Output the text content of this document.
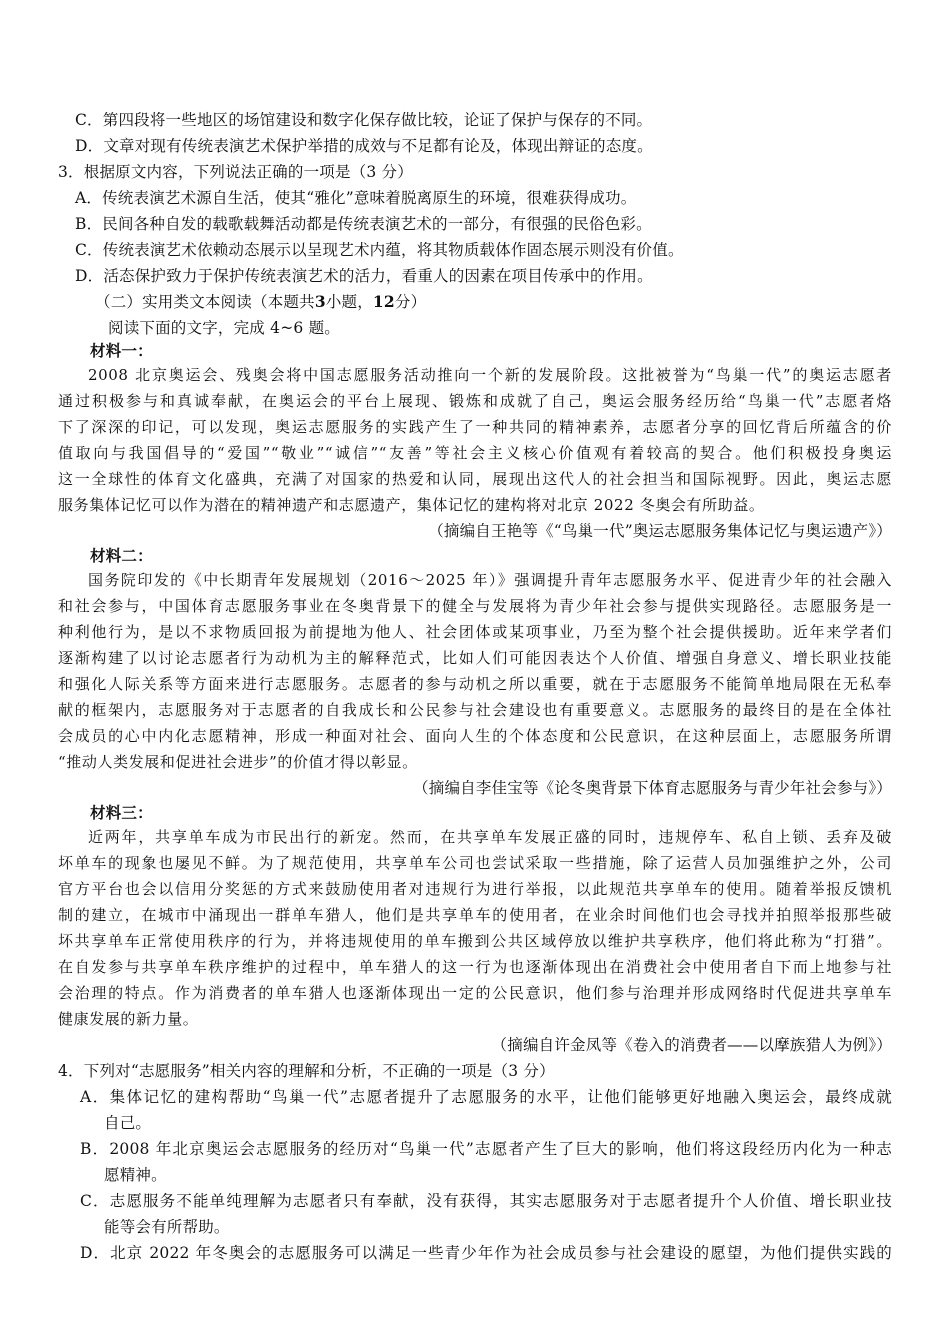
C．第四段将一些地区的场馆建设和数字化保存做比较，论证了保护与保存的不同。
D．文章对现有传统表演艺术保护举措的成效与不足都有论及，体现出辩证的态度。
3．根据原文内容，下列说法正确的一项是（3 分）
A．传统表演艺术源自生活，使其“雅化”意味着脱离原生的环境，很难获得成功。
B．民间各种自发的载歌载舞活动都是传统表演艺术的一部分，有很强的民俗色彩。
C．传统表演艺术依赖动态展示以呈现艺术内蕴，将其物质载体作固态展示则没有价值。
D．活态保护致力于保护传统表演艺术的活力，看重人的因素在项目传承中的作用。
（二）实用类文本阅读（本题共3小题，12分）
阅读下面的文字，完成 4~6 题。
材料一：
2008 北京奥运会、残奥会将中国志愿服务活动推向一个新的发展阶段。这批被誉为“鸟巢一代”的奥运志愿者
通过积极参与和真诚奉献，在奥运会的平台上展现、锻炼和成就了自己，奥运会服务经历给“鸟巢一代”志愿者烙
下了深深的印记，可以发现，奥运志愿服务的实践产生了一种共同的精神素养，志愿者分享的回忆背后所蕴含的价
值取向与我国倡导的“爱国”“敬业”“诚信”“友善”等社会主义核心价值观有着较高的契合。他们积极投身奥运
这一全球性的体育文化盛典，充满了对国家的热爱和认同，展现出这代人的社会担当和国际视野。因此，奥运志愿
服务集体记忆可以作为潜在的精神遗产和志愿遗产，集体记忆的建构将对北京 2022 冬奥会有所助益。
（摘编自王艳等《“鸟巢一代”奥运志愿服务集体记忆与奥运遗产》）
材料二：
国务院印发的《中长期青年发展规划（2016～2025 年）》强调提升青年志愿服务水平、促进青少年的社会融入
和社会参与，中国体育志愿服务事业在冬奥背景下的健全与发展将为青少年社会参与提供实现路径。志愿服务是一
种利他行为，是以不求物质回报为前提地为他人、社会团体或某项事业，乃至为整个社会提供援助。近年来学者们
逐渐构建了以讨论志愿者行为动机为主的解释范式，比如人们可能因表达个人价值、增强自身意义、增长职业技能
和强化人际关系等方面来进行志愿服务。志愿者的参与动机之所以重要，就在于志愿服务不能简单地局限在无私奉
献的框架内，志愿服务对于志愿者的自我成长和公民参与社会建设也有重要意义。志愿服务的最终目的是在全体社
会成员的心中内化志愿精神，形成一种面对社会、面向人生的个体态度和公民意识，在这种层面上，志愿服务所谓
“推动人类发展和促进社会进步”的价值才得以彰显。
（摘编自李佳宝等《论冬奥背景下体育志愿服务与青少年社会参与》）
材料三：
近两年，共享单车成为市民出行的新宠。然而，在共享单车发展正盛的同时，违规停车、私自上锁、丢弃及破
坏单车的现象也屡见不鲜。为了规范使用，共享单车公司也尝试采取一些措施，除了运营人员加强维护之外，公司
官方平台也会以信用分奖惩的方式来鼓励使用者对违规行为进行举报，以此规范共享单车的使用。随着举报反馈机
制的建立，在城市中涌现出一群单车猎人，他们是共享单车的使用者，在业余时间他们也会寻找并拍照举报那些破
坏共享单车正常使用秩序的行为，并将违规使用的单车搬到公共区域停放以维护共享秩序，他们将此称为“打猎”。
在自发参与共享单车秩序维护的过程中，单车猎人的这一行为也逐渐体现出在消费社会中使用者自下而上地参与社
会治理的特点。作为消费者的单车猎人也逐渐体现出一定的公民意识，他们参与治理并形成网络时代促进共享单车
健康发展的新力量。
（摘编自许金凤等《卷入的消费者——以摩族猎人为例》）
4．下列对“志愿服务”相关内容的理解和分析，不正确的一项是（3 分）
A．集体记忆的建构帮助“鸟巢一代”志愿者提升了志愿服务的水平，让他们能够更好地融入奥运会，最终成就
自己。
B．2008 年北京奥运会志愿服务的经历对“鸟巢一代”志愿者产生了巨大的影响，他们将这段经历内化为一种志
愿精神。
C．志愿服务不能单纯理解为志愿者只有奉献，没有获得，其实志愿服务对于志愿者提升个人价值、增长职业技
能等会有所帮助。
D．北京 2022 年冬奥会的志愿服务可以满足一些青少年作为社会成员参与社会建设的愿望，为他们提供实践的
